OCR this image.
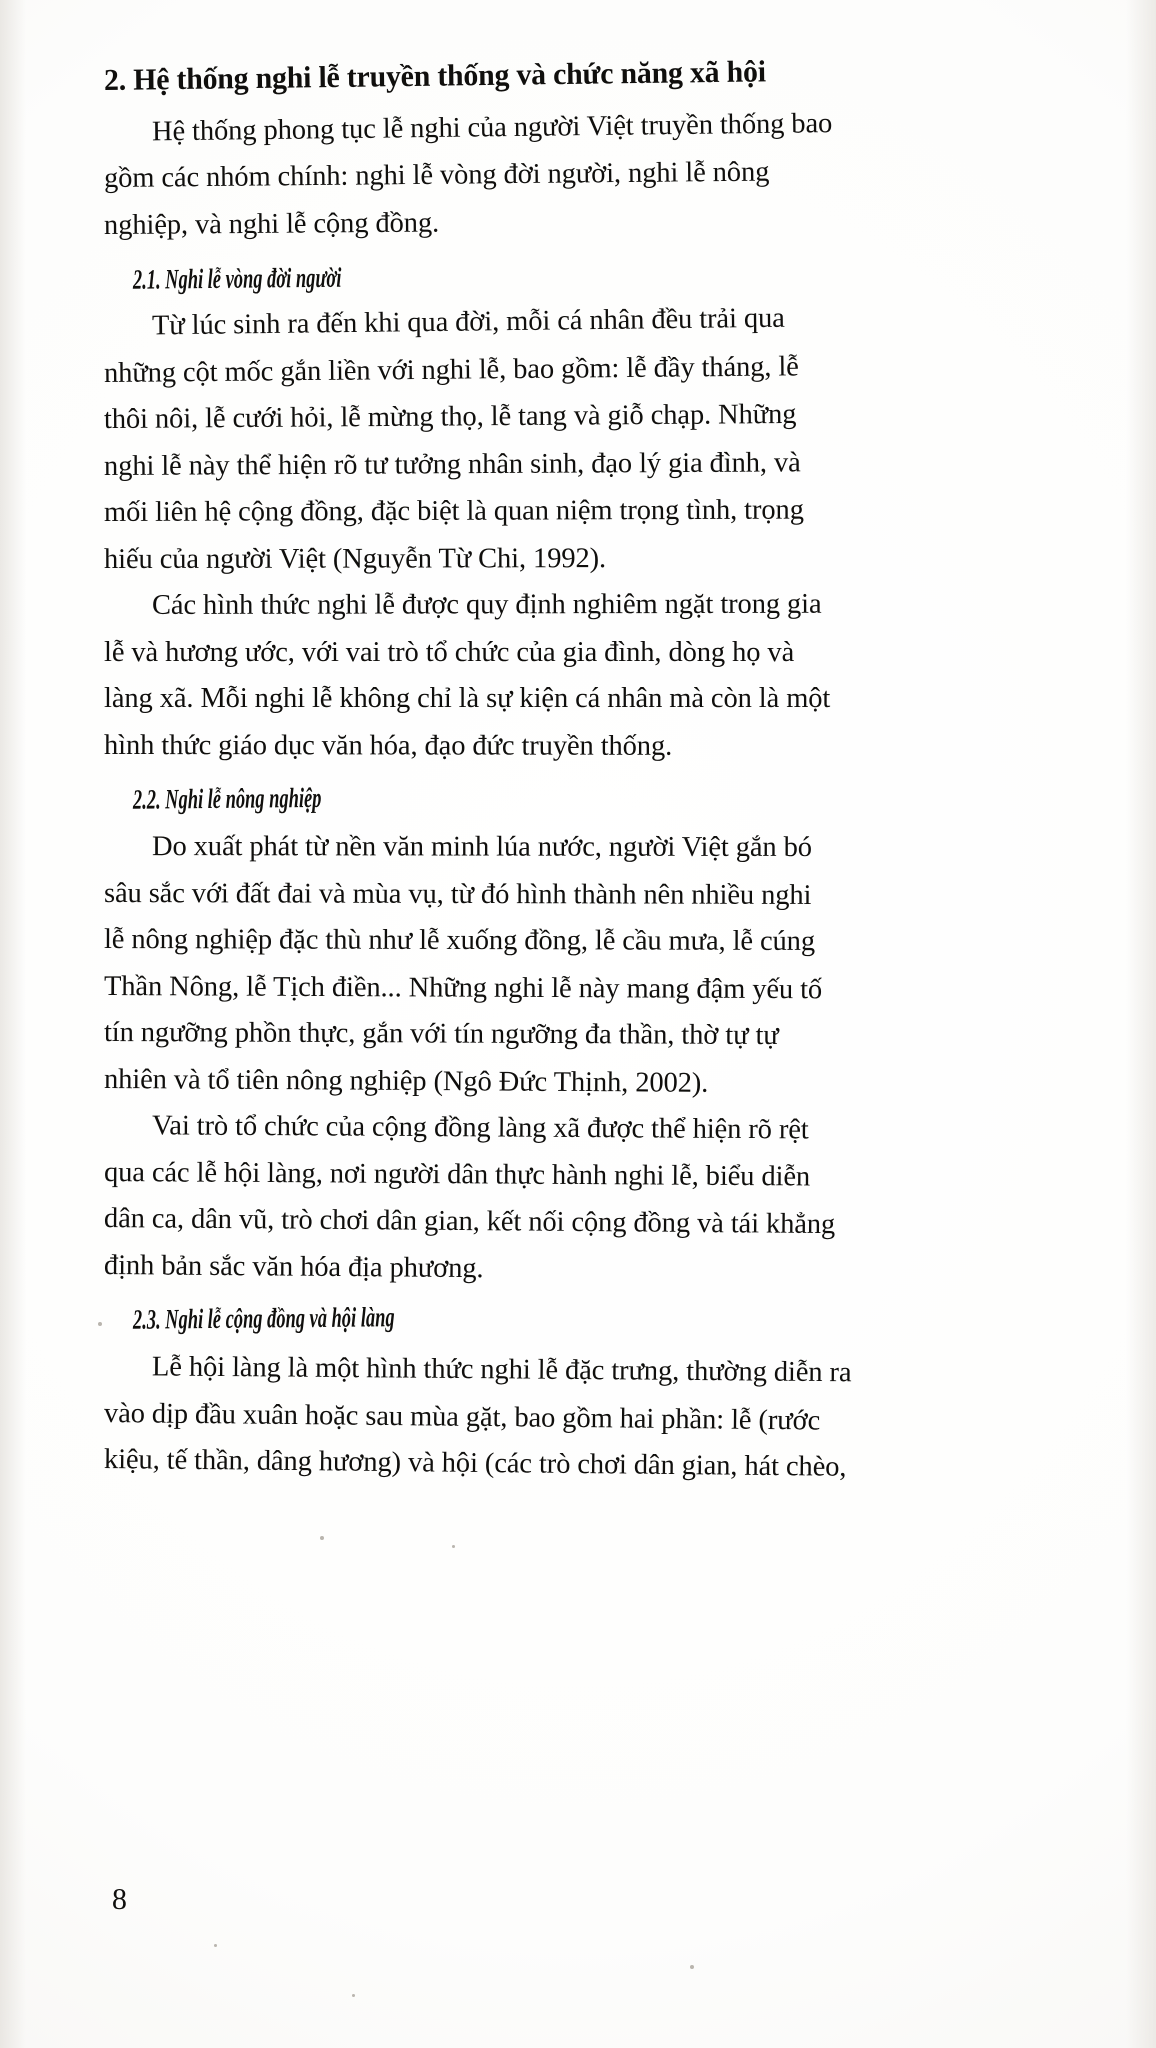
2. Hệ thống nghi lễ truyền thống và chức năng xã hội
Hệ thống phong tục lễ nghi của người Việt truyền thống bao
gồm các nhóm chính: nghi lễ vòng đời người, nghi lễ nông
nghiệp, và nghi lễ cộng đồng.
2.1. Nghi lễ vòng đời người
Từ lúc sinh ra đến khi qua đời, mỗi cá nhân đều trải qua
những cột mốc gắn liền với nghi lễ, bao gồm: lễ đầy tháng, lễ
thôi nôi, lễ cưới hỏi, lễ mừng thọ, lễ tang và giỗ chạp. Những
nghi lễ này thể hiện rõ tư tưởng nhân sinh, đạo lý gia đình, và
mối liên hệ cộng đồng, đặc biệt là quan niệm trọng tình, trọng
hiếu của người Việt (Nguyễn Từ Chi, 1992).
Các hình thức nghi lễ được quy định nghiêm ngặt trong gia
lễ và hương ước, với vai trò tổ chức của gia đình, dòng họ và
làng xã. Mỗi nghi lễ không chỉ là sự kiện cá nhân mà còn là một
hình thức giáo dục văn hóa, đạo đức truyền thống.
2.2. Nghi lễ nông nghiệp
Do xuất phát từ nền văn minh lúa nước, người Việt gắn bó
sâu sắc với đất đai và mùa vụ, từ đó hình thành nên nhiều nghi
lễ nông nghiệp đặc thù như lễ xuống đồng, lễ cầu mưa, lễ cúng
Thần Nông, lễ Tịch điền... Những nghi lễ này mang đậm yếu tố
tín ngưỡng phồn thực, gắn với tín ngưỡng đa thần, thờ tự tự
nhiên và tổ tiên nông nghiệp (Ngô Đức Thịnh, 2002).
Vai trò tổ chức của cộng đồng làng xã được thể hiện rõ rệt
qua các lễ hội làng, nơi người dân thực hành nghi lễ, biểu diễn
dân ca, dân vũ, trò chơi dân gian, kết nối cộng đồng và tái khẳng
định bản sắc văn hóa địa phương.
2.3. Nghi lễ cộng đồng và hội làng
Lễ hội làng là một hình thức nghi lễ đặc trưng, thường diễn ra
vào dịp đầu xuân hoặc sau mùa gặt, bao gồm hai phần: lễ (rước
kiệu, tế thần, dâng hương) và hội (các trò chơi dân gian, hát chèo,
8
